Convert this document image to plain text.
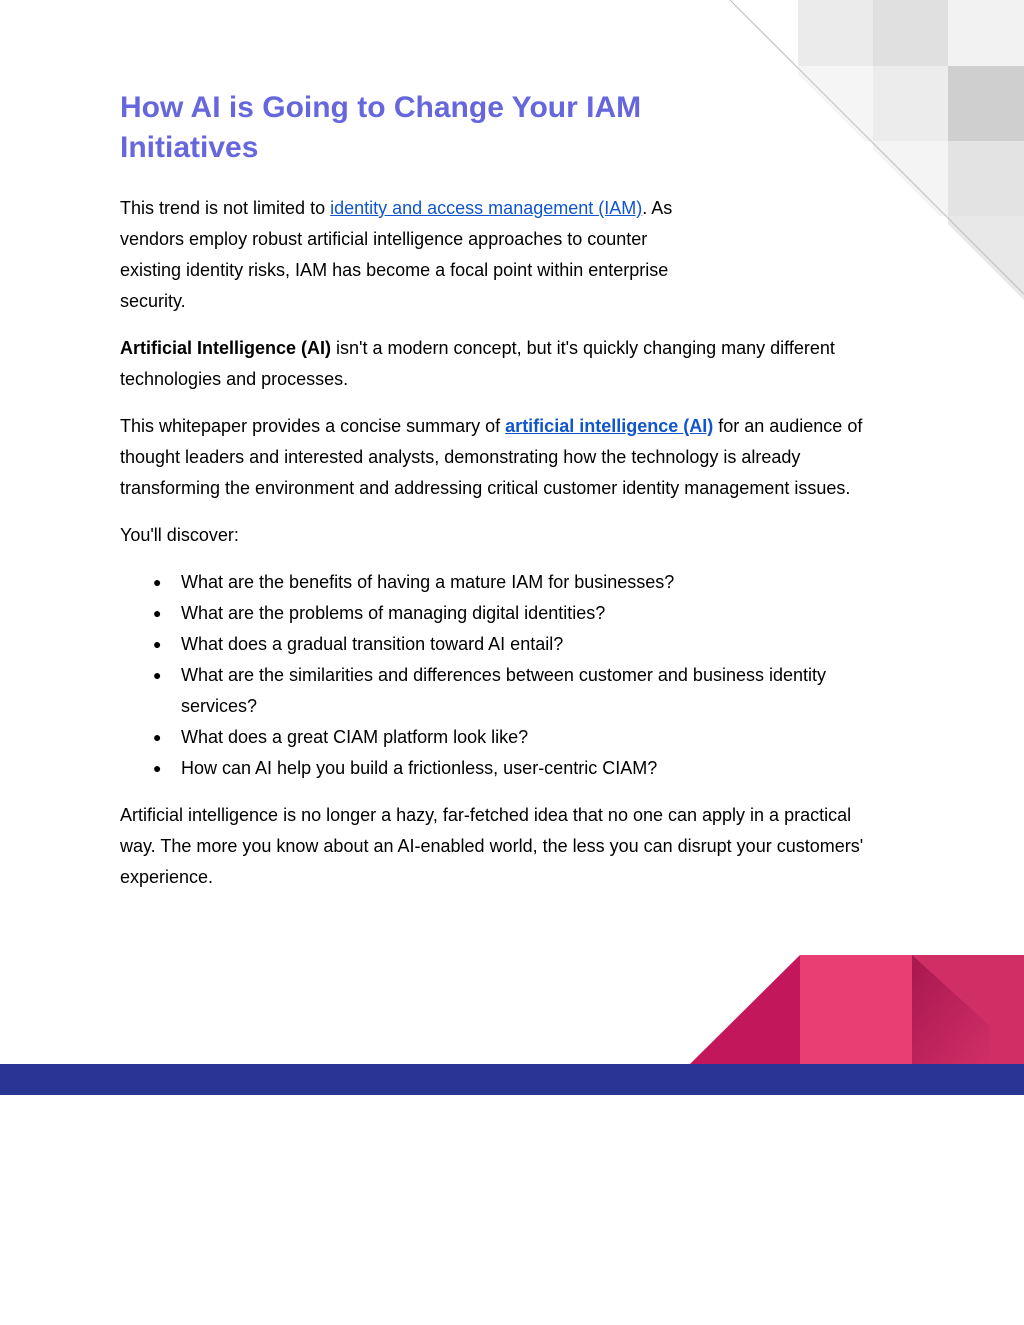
How AI is Going to Change Your IAM Initiatives

This trend is not limited to identity and access management (IAM). As vendors employ robust artificial intelligence approaches to counter existing identity risks, IAM has become a focal point within enterprise security.

Artificial Intelligence (AI) isn't a modern concept, but it's quickly changing many different technologies and processes.

This whitepaper provides a concise summary of artificial intelligence (AI) for an audience of thought leaders and interested analysts, demonstrating how the technology is already transforming the environment and addressing critical customer identity management issues.

You'll discover:

● What are the benefits of having a mature IAM for businesses?
● What are the problems of managing digital identities?
● What does a gradual transition toward AI entail?
● What are the similarities and differences between customer and business identity services?
● What does a great CIAM platform look like?
● How can AI help you build a frictionless, user-centric CIAM?

Artificial intelligence is no longer a hazy, far-fetched idea that no one can apply in a practical way. The more you know about an AI-enabled world, the less you can disrupt your customers' experience.
